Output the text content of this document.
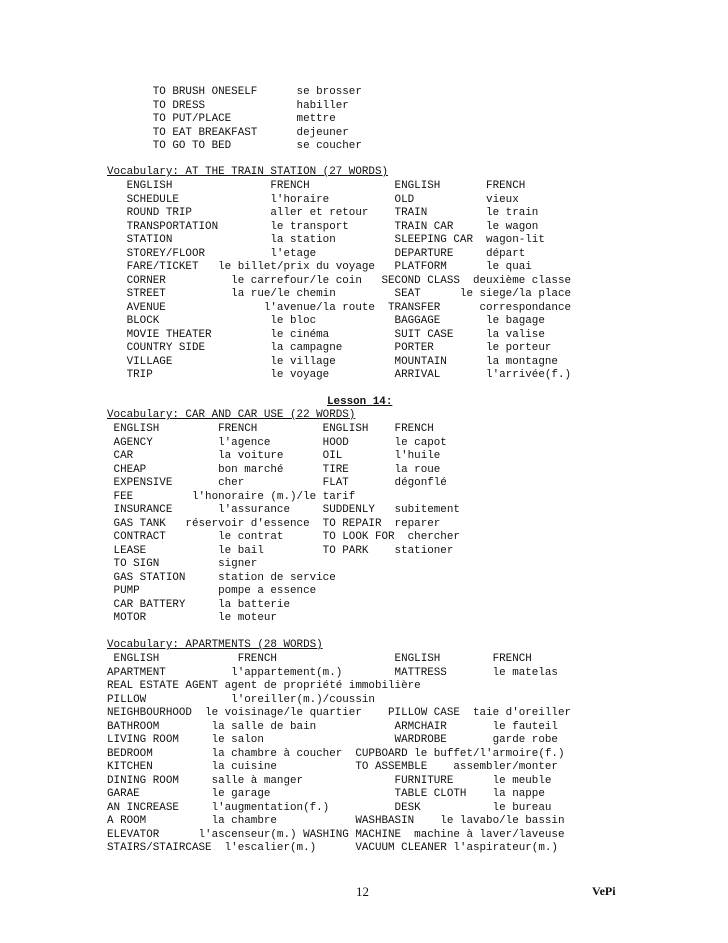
TO BRUSH ONESELF      se brosser
TO DRESS              habiller
TO PUT/PLACE          mettre
TO EAT BREAKFAST      dejeuner
TO GO TO BED          se coucher
Vocabulary: AT THE TRAIN STATION (27 WORDS)
ENGLISH               FRENCH             ENGLISH       FRENCH
SCHEDULE              l'horaire          OLD           vieux
ROUND TRIP            aller et retour    TRAIN         le train
TRANSPORTATION        le transport       TRAIN CAR     le wagon
STATION               la station         SLEEPING CAR  wagon-lit
STOREY/FLOOR          l'etage            DEPARTURE     départ
FARE/TICKET   le billet/prix du voyage   PLATFORM      le quai
CORNER          le carrefour/le coin   SECOND CLASS  deuxième classe
STREET          la rue/le chemin         SEAT      le siege/la place
AVENUE               l'avenue/la route  TRANSFER      correspondance
BLOCK                 le bloc            BAGGAGE       le bagage
MOVIE THEATER         le cinéma          SUIT CASE     la valise
COUNTRY SIDE          la campagne        PORTER        le porteur
VILLAGE               le village         MOUNTAIN      la montagne
TRIP                  le voyage          ARRIVAL       l'arrivée(f.)
Lesson 14:
Vocabulary: CAR AND CAR USE (22 WORDS)
ENGLISH         FRENCH          ENGLISH    FRENCH
AGENCY          l'agence        HOOD       le capot
CAR             la voiture      OIL        l'huile
CHEAP           bon marché      TIRE       la roue
EXPENSIVE       cher            FLAT       dégonflé
FEE         l'honoraire (m.)/le tarif
INSURANCE       l'assurance     SUDDENLY   subitement
GAS TANK   réservoir d'essence  TO REPAIR  reparer
CONTRACT        le contrat      TO LOOK FOR  chercher
LEASE           le bail         TO PARK    stationer
TO SIGN         signer
GAS STATION     station de service
PUMP            pompe a essence
CAR BATTERY     la batterie
MOTOR           le moteur
Vocabulary: APARTMENTS (28 WORDS)
ENGLISH            FRENCH                  ENGLISH        FRENCH
APARTMENT          l'appartement(m.)        MATTRESS       le matelas
REAL ESTATE AGENT agent de propriété immobilière
PILLOW             l'oreiller(m.)/coussin
NEIGHBOURHOOD  le voisinage/le quartier    PILLOW CASE  taie d'oreiller
BATHROOM        la salle de bain            ARMCHAIR       le fauteil
LIVING ROOM     le salon                    WARDROBE       garde robe
BEDROOM         la chambre à coucher  CUPBOARD le buffet/l'armoire(f.)
KITCHEN         la cuisine            TO ASSEMBLE    assembler/monter
DINING ROOM     salle à manger              FURNITURE      le meuble
GARAE           le garage                   TABLE CLOTH    la nappe
AN INCREASE     l'augmentation(f.)          DESK           le bureau
A ROOM          la chambre            WASHBASIN    le lavabo/le bassin
ELEVATOR      l'ascenseur(m.) WASHING MACHINE  machine à laver/laveuse
STAIRS/STAIRCASE  l'escalier(m.)      VACUUM CLEANER l'aspirateur(m.)
12	VePi
